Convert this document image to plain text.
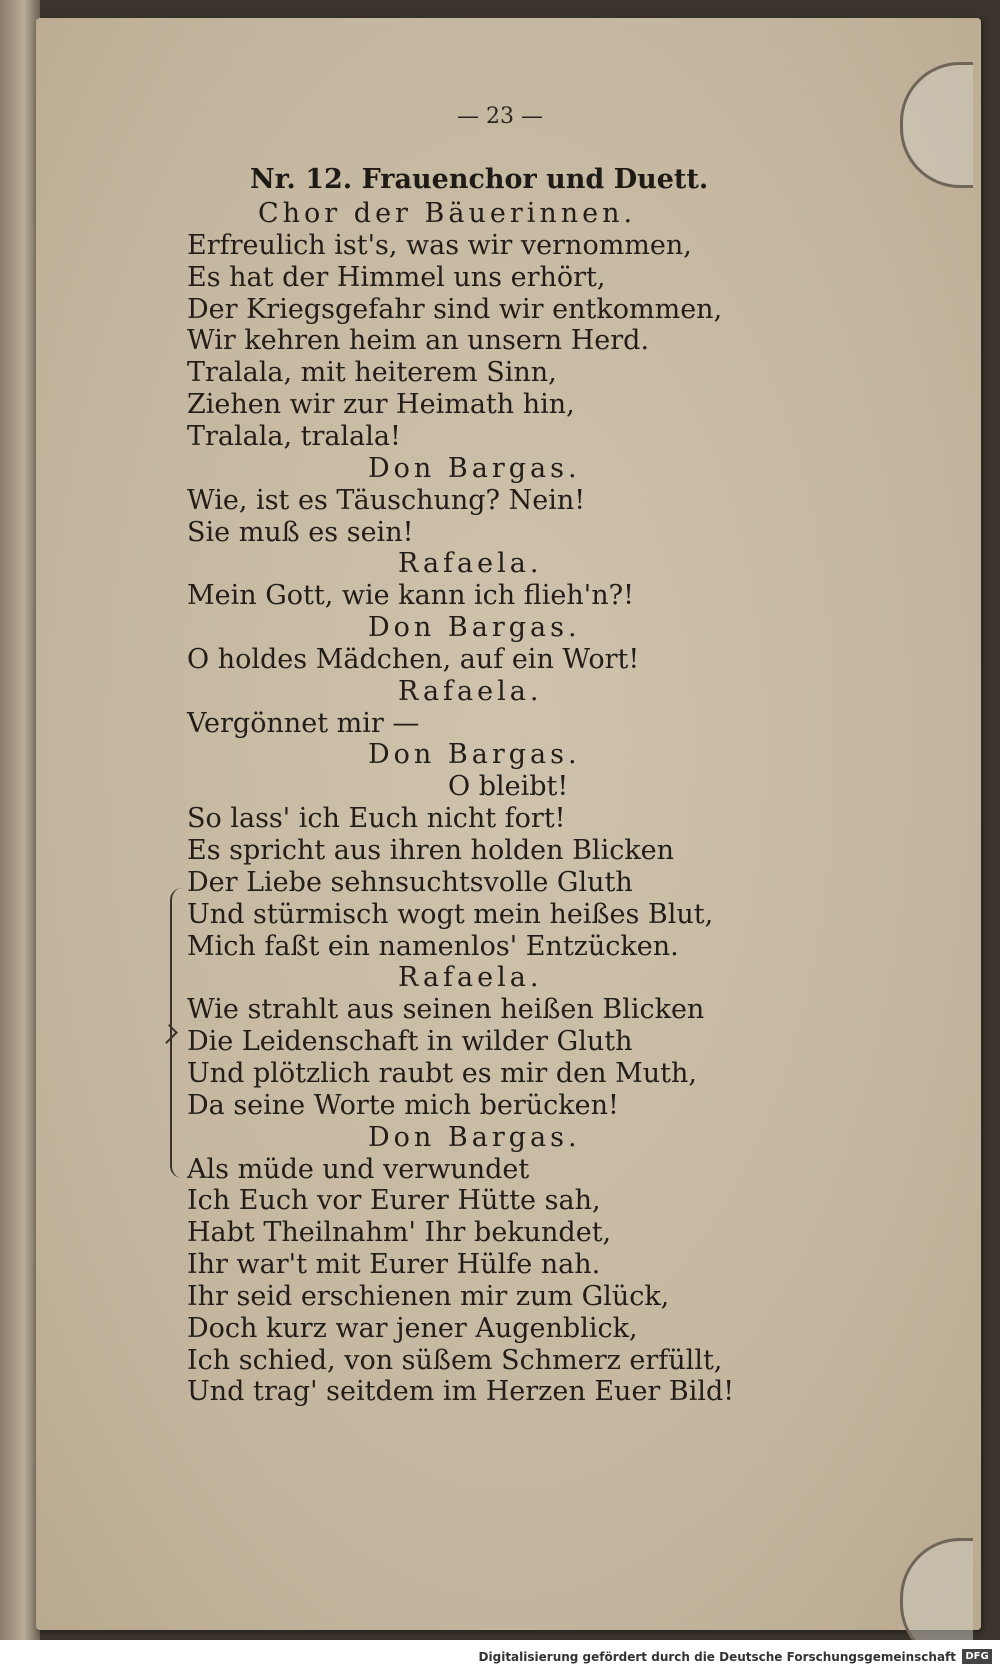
— 23 —
Nr. 12. Frauenchor und Duett.
Chor der Bäuerinnen.
Erfreulich ist's, was wir vernommen,
Es hat der Himmel uns erhört,
Der Kriegsgefahr sind wir entkommen,
Wir kehren heim an unsern Herd.
Tralala, mit heiterem Sinn,
Ziehen wir zur Heimath hin,
Tralala, tralala!
Don Bargas.
Wie, ist es Täuschung? Nein!
Sie muß es sein!
Rafaela.
Mein Gott, wie kann ich flieh'n?!
Don Bargas.
O holdes Mädchen, auf ein Wort!
Rafaela.
Vergönnet mir —
Don Bargas.
O bleibt!
So lass' ich Euch nicht fort!
Es spricht aus ihren holden Blicken
Der Liebe sehnsuchtsvolle Gluth
Und stürmisch wogt mein heißes Blut,
Mich faßt ein namenlos' Entzücken.
Rafaela.
Wie strahlt aus seinen heißen Blicken
Die Leidenschaft in wilder Gluth
Und plötzlich raubt es mir den Muth,
Da seine Worte mich berücken!
Don Bargas.
Als müde und verwundet
Ich Euch vor Eurer Hütte sah,
Habt Theilnahm' Ihr bekundet,
Ihr war't mit Eurer Hülfe nah.
Ihr seid erschienen mir zum Glück,
Doch kurz war jener Augenblick,
Ich schied, von süßem Schmerz erfüllt,
Und trag' seitdem im Herzen Euer Bild!
Digitalisierung gefördert durch die Deutsche Forschungsgemeinschaft DFG
